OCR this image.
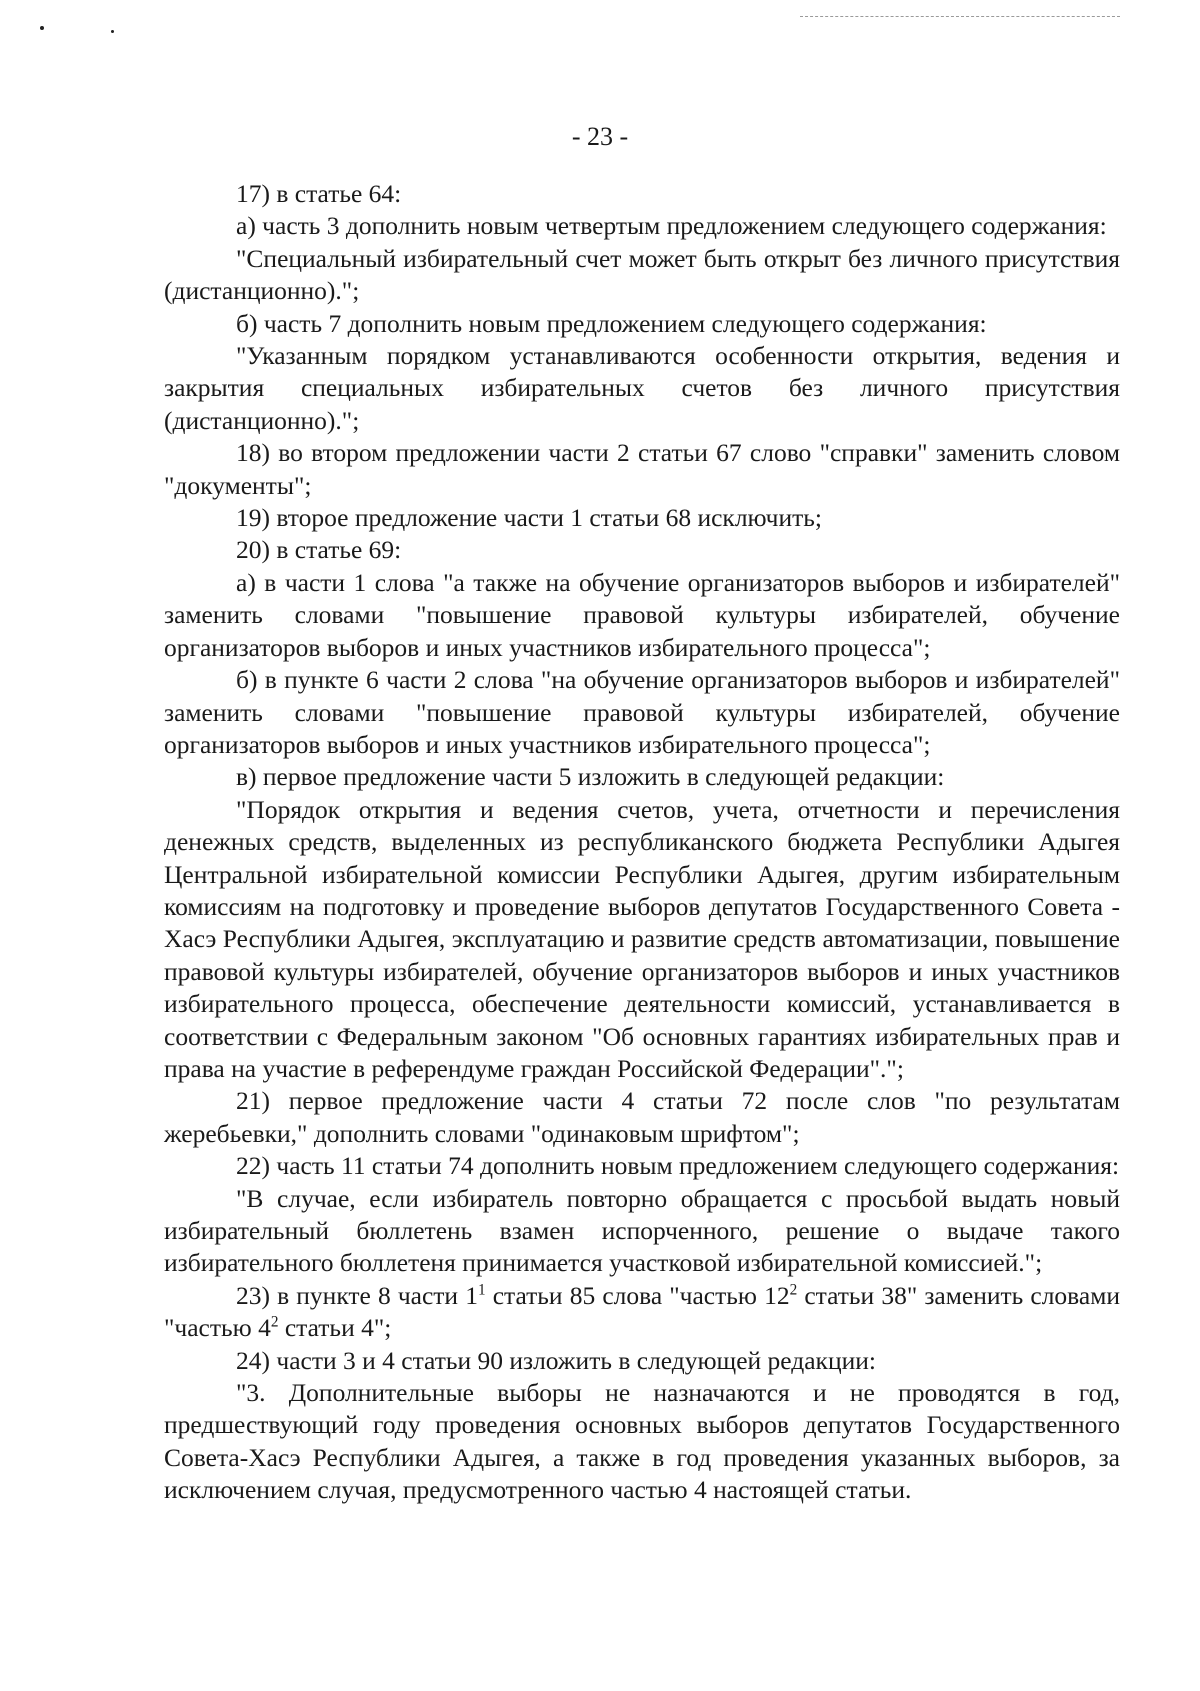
- 23 -

17) в статье 64:

а) часть 3 дополнить новым четвертым предложением следующего содержания:

"Специальный избирательный счет может быть открыт без личного присутствия (дистанционно).";

б) часть 7 дополнить новым предложением следующего содержания:

"Указанным порядком устанавливаются особенности открытия, ведения и закрытия специальных избирательных счетов без личного присутствия (дистанционно).";

18) во втором предложении части 2 статьи 67 слово "справки" заменить словом "документы";

19) второе предложение части 1 статьи 68 исключить;

20) в статье 69:

а) в части 1 слова "а также на обучение организаторов выборов и избирателей" заменить словами "повышение правовой культуры избирателей, обучение организаторов выборов и иных участников избирательного процесса";

б) в пункте 6 части 2 слова "на обучение организаторов выборов и избирателей" заменить словами "повышение правовой культуры избирателей, обучение организаторов выборов и иных участников избирательного процесса";

в) первое предложение части 5 изложить в следующей редакции:

"Порядок открытия и ведения счетов, учета, отчетности и перечисления денежных средств, выделенных из республиканского бюджета Республики Адыгея Центральной избирательной комиссии Республики Адыгея, другим избирательным комиссиям на подготовку и проведение выборов депутатов Государственного Совета - Хасэ Республики Адыгея, эксплуатацию и развитие средств автоматизации, повышение правовой культуры избирателей, обучение организаторов выборов и иных участников избирательного процесса, обеспечение деятельности комиссий, устанавливается в соответствии с Федеральным законом "Об основных гарантиях избирательных прав и права на участие в референдуме граждан Российской Федерации".";

21) первое предложение части 4 статьи 72 после слов "по результатам жеребьевки," дополнить словами "одинаковым шрифтом";

22) часть 11 статьи 74 дополнить новым предложением следующего содержания:

"В случае, если избиратель повторно обращается с просьбой выдать новый избирательный бюллетень взамен испорченного, решение о выдаче такого избирательного бюллетеня принимается участковой избирательной комиссией.";

23) в пункте 8 части $1^1$ статьи 85 слова "частью $12^2$ статьи 38" заменить словами "частью $4^2$ статьи 4";

24) части 3 и 4 статьи 90 изложить в следующей редакции:

"3. Дополнительные выборы не назначаются и не проводятся в год, предшествующий году проведения основных выборов депутатов Государственного Совета-Хасэ Республики Адыгея, а также в год проведения указанных выборов, за исключением случая, предусмотренного частью 4 настоящей статьи.
